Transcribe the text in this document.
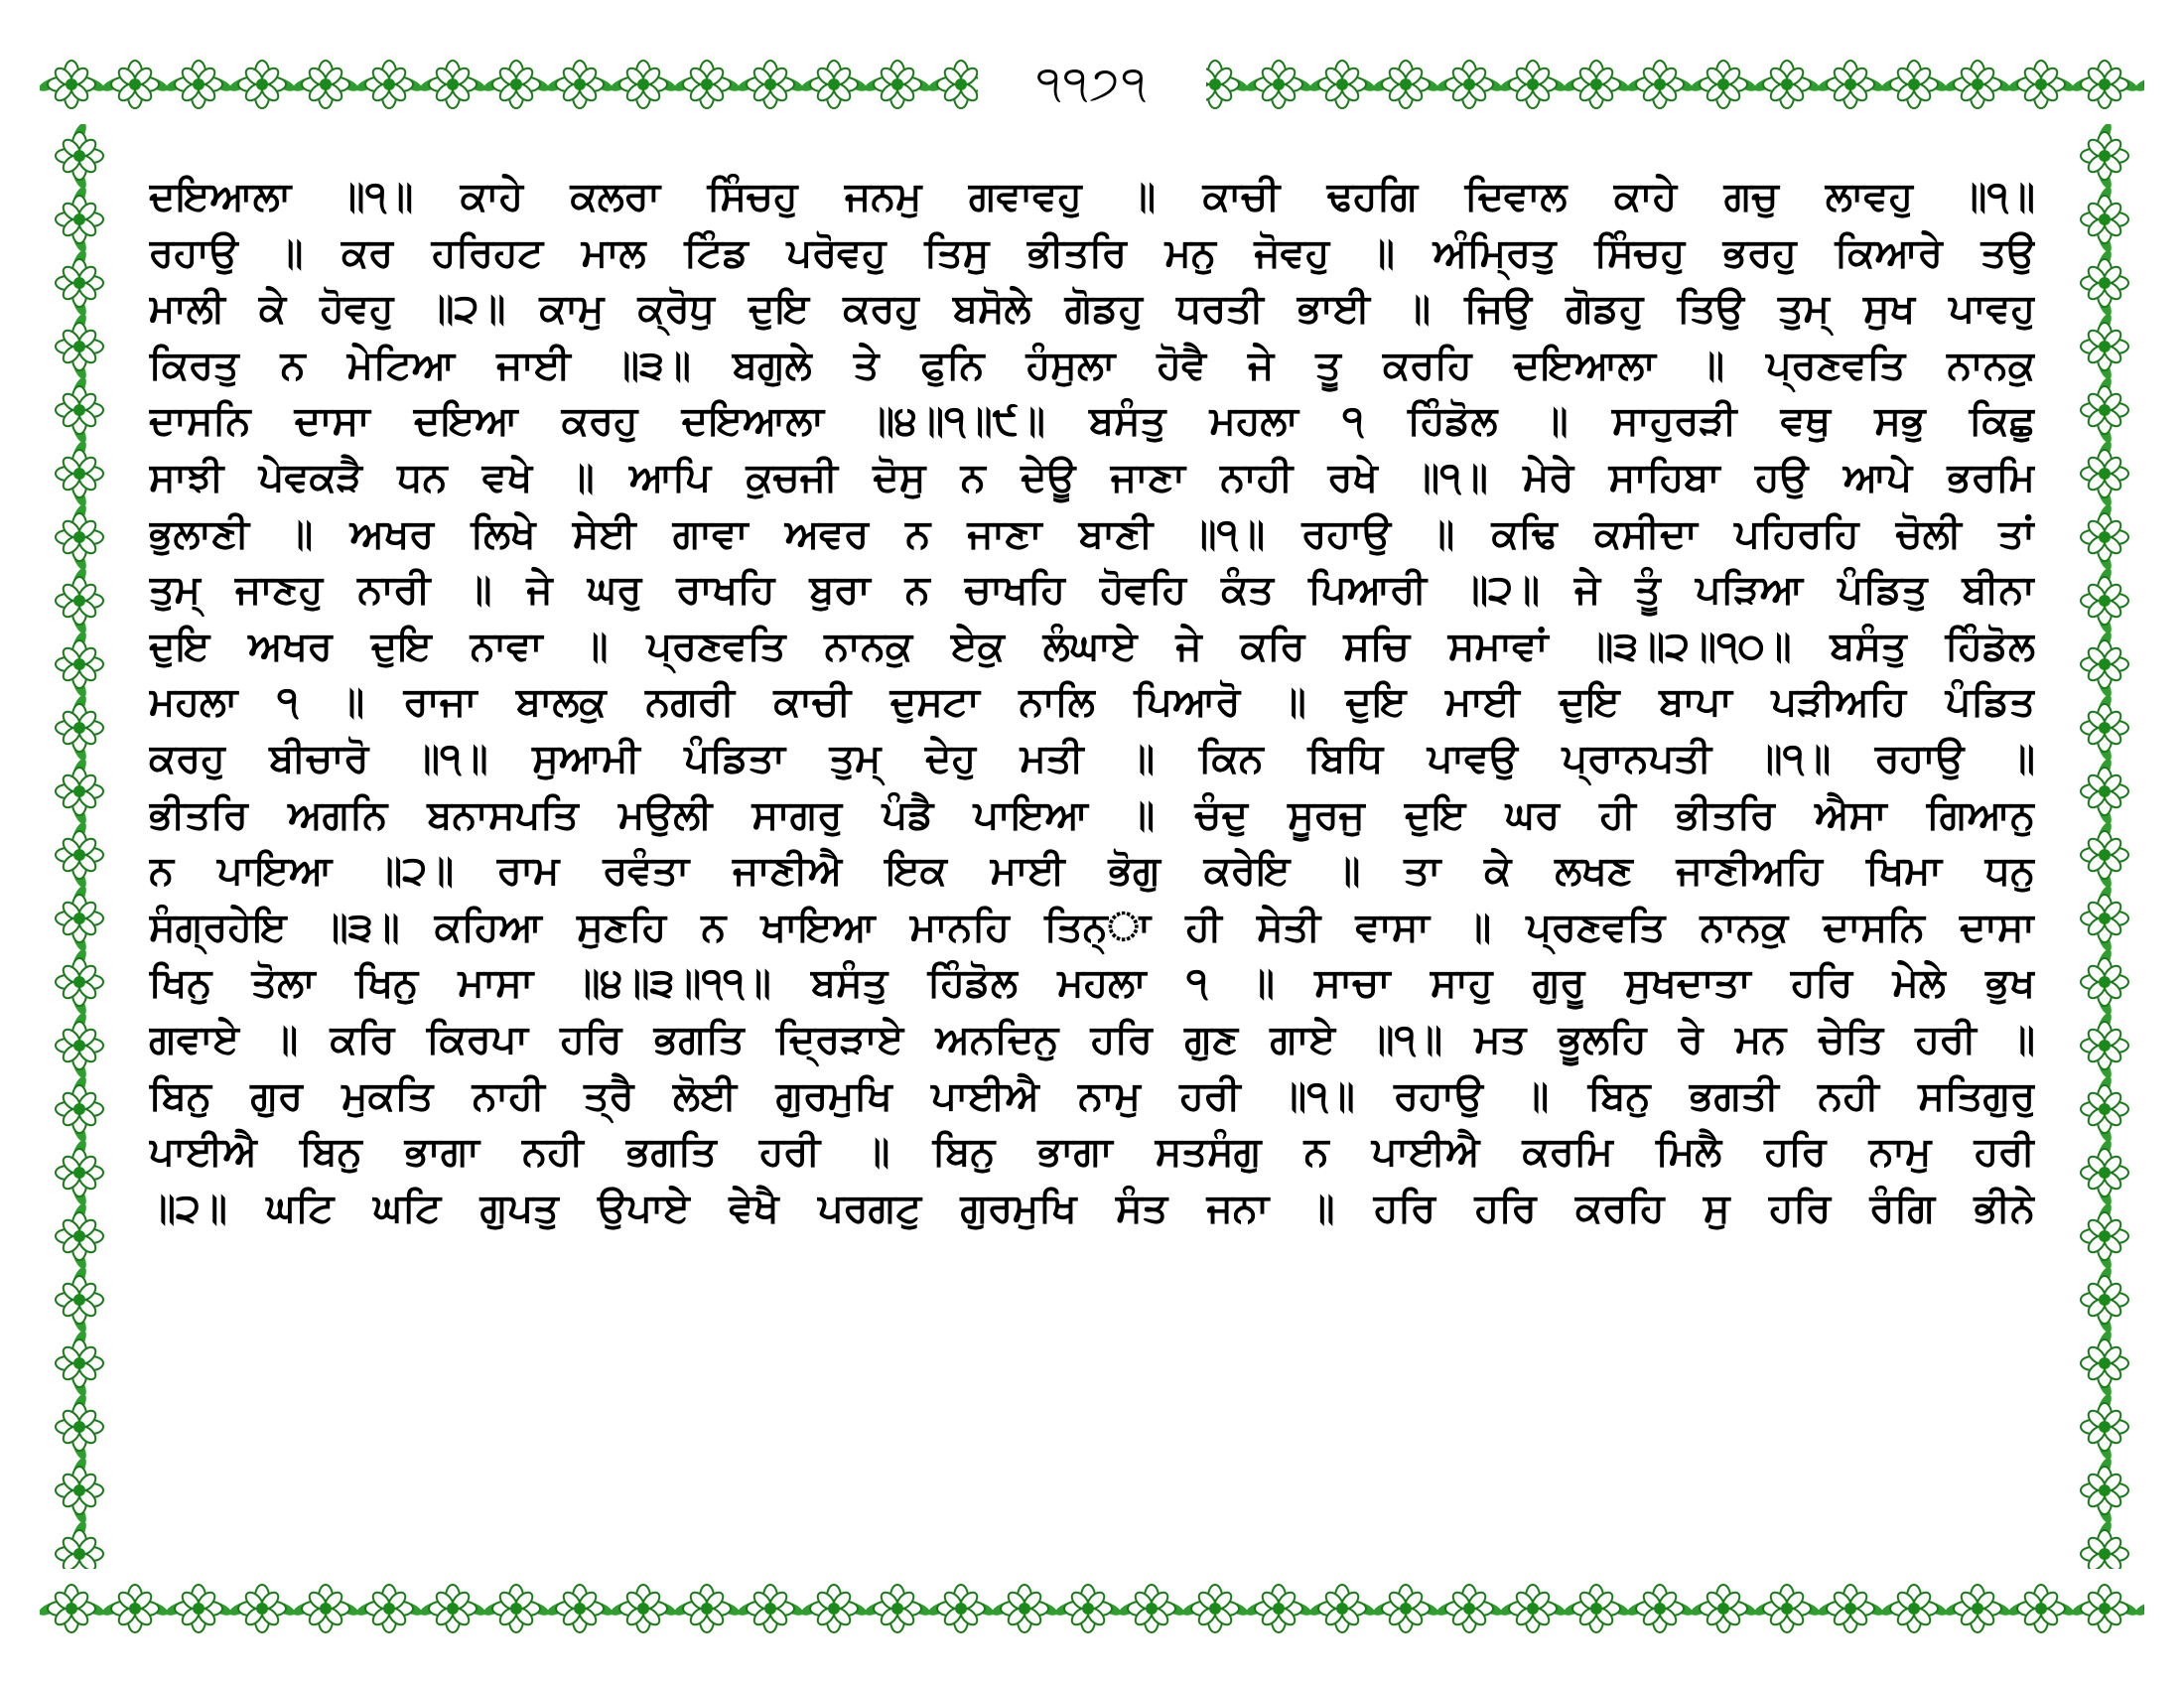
੧੧੭੧
ਦਇਆਲਾ ॥੧॥ ਕਾਹੇ ਕਲਰਾ ਸਿੰਚਹੁ ਜਨਮੁ ਗਵਾਵਹੁ ॥ ਕਾਚੀ ਢਹਗਿ ਦਿਵਾਲ ਕਾਹੇ ਗਚੁ ਲਾਵਹੁ ॥੧॥
ਰਹਾਉ ॥ ਕਰ ਹਰਿਹਟ ਮਾਲ ਟਿੰਡ ਪਰੋਵਹੁ ਤਿਸੁ ਭੀਤਰਿ ਮਨੁ ਜੋਵਹੁ ॥ ਅੰਮ੍ਰਿਤੁ ਸਿੰਚਹੁ ਭਰਹੁ ਕਿਆਰੇ ਤਉ
ਮਾਲੀ ਕੇ ਹੋਵਹੁ ॥੨॥ ਕਾਮੁ ਕ੍ਰੋਧੁ ਦੁਇ ਕਰਹੁ ਬਸੋਲੇ ਗੋਡਹੁ ਧਰਤੀ ਭਾਈ ॥ ਜਿਉ ਗੋਡਹੁ ਤਿਉ ਤੁਮ੍ ਸੁਖ ਪਾਵਹੁ
ਕਿਰਤੁ ਨ ਮੇਟਿਆ ਜਾਈ ॥੩॥ ਬਗੁਲੇ ਤੇ ਫੁਨਿ ਹੰਸੁਲਾ ਹੋਵੈ ਜੇ ਤੂ ਕਰਹਿ ਦਇਆਲਾ ॥ ਪ੍ਰਣਵਤਿ ਨਾਨਕੁ
ਦਾਸਨਿ ਦਾਸਾ ਦਇਆ ਕਰਹੁ ਦਇਆਲਾ ॥੪॥੧॥੯॥ ਬਸੰਤੁ ਮਹਲਾ ੧ ਹਿੰਡੋਲ ॥ ਸਾਹੁਰੜੀ ਵਥੁ ਸਭੁ ਕਿਛੁ
ਸਾਝੀ ਪੇਵਕੜੈ ਧਨ ਵਖੇ ॥ ਆਪਿ ਕੁਚਜੀ ਦੋਸੁ ਨ ਦੇਊ ਜਾਣਾ ਨਾਹੀ ਰਖੇ ॥੧॥ ਮੇਰੇ ਸਾਹਿਬਾ ਹਉ ਆਪੇ ਭਰਮਿ
ਭੁਲਾਣੀ ॥ ਅਖਰ ਲਿਖੇ ਸੇਈ ਗਾਵਾ ਅਵਰ ਨ ਜਾਣਾ ਬਾਣੀ ॥੧॥ ਰਹਾਉ ॥ ਕਢਿ ਕਸੀਦਾ ਪਹਿਰਹਿ ਚੋਲੀ ਤਾਂ
ਤੁਮ੍ ਜਾਣਹੁ ਨਾਰੀ ॥ ਜੇ ਘਰੁ ਰਾਖਹਿ ਬੁਰਾ ਨ ਚਾਖਹਿ ਹੋਵਹਿ ਕੰਤ ਪਿਆਰੀ ॥੨॥ ਜੇ ਤੂੰ ਪੜਿਆ ਪੰਡਿਤੁ ਬੀਨਾ
ਦੁਇ ਅਖਰ ਦੁਇ ਨਾਵਾ ॥ ਪ੍ਰਣਵਤਿ ਨਾਨਕੁ ਏਕੁ ਲੰਘਾਏ ਜੇ ਕਰਿ ਸਚਿ ਸਮਾਵਾਂ ॥੩॥੨॥੧੦॥ ਬਸੰਤੁ ਹਿੰਡੋਲ
ਮਹਲਾ ੧ ॥ ਰਾਜਾ ਬਾਲਕੁ ਨਗਰੀ ਕਾਚੀ ਦੁਸਟਾ ਨਾਲਿ ਪਿਆਰੋ ॥ ਦੁਇ ਮਾਈ ਦੁਇ ਬਾਪਾ ਪੜੀਅਹਿ ਪੰਡਿਤ
ਕਰਹੁ ਬੀਚਾਰੋ ॥੧॥ ਸੁਆਮੀ ਪੰਡਿਤਾ ਤੁਮ੍ ਦੇਹੁ ਮਤੀ ॥ ਕਿਨ ਬਿਧਿ ਪਾਵਉ ਪ੍ਰਾਨਪਤੀ ॥੧॥ ਰਹਾਉ ॥
ਭੀਤਰਿ ਅਗਨਿ ਬਨਾਸਪਤਿ ਮਉਲੀ ਸਾਗਰੁ ਪੰਡੈ ਪਾਇਆ ॥ ਚੰਦੁ ਸੂਰਜੁ ਦੁਇ ਘਰ ਹੀ ਭੀਤਰਿ ਐਸਾ ਗਿਆਨੁ
ਨ ਪਾਇਆ ॥੨॥ ਰਾਮ ਰਵੰਤਾ ਜਾਣੀਐ ਇਕ ਮਾਈ ਭੋਗੁ ਕਰੇਇ ॥ ਤਾ ਕੇ ਲਖਣ ਜਾਣੀਅਹਿ ਖਿਮਾ ਧਨੁ
ਸੰਗ੍ਰਹੇਇ ॥੩॥ ਕਹਿਆ ਸੁਣਹਿ ਨ ਖਾਇਆ ਮਾਨਹਿ ਤਿਨ੍ਾ ਹੀ ਸੇਤੀ ਵਾਸਾ ॥ ਪ੍ਰਣਵਤਿ ਨਾਨਕੁ ਦਾਸਨਿ ਦਾਸਾ
ਖਿਨੁ ਤੋਲਾ ਖਿਨੁ ਮਾਸਾ ॥੪॥੩॥੧੧॥ ਬਸੰਤੁ ਹਿੰਡੋਲ ਮਹਲਾ ੧ ॥ ਸਾਚਾ ਸਾਹੁ ਗੁਰੂ ਸੁਖਦਾਤਾ ਹਰਿ ਮੇਲੇ ਭੁਖ
ਗਵਾਏ ॥ ਕਰਿ ਕਿਰਪਾ ਹਰਿ ਭਗਤਿ ਦ੍ਰਿੜਾਏ ਅਨਦਿਨੁ ਹਰਿ ਗੁਣ ਗਾਏ ॥੧॥ ਮਤ ਭੂਲਹਿ ਰੇ ਮਨ ਚੇਤਿ ਹਰੀ ॥
ਬਿਨੁ ਗੁਰ ਮੁਕਤਿ ਨਾਹੀ ਤ੍ਰੈ ਲੋਈ ਗੁਰਮੁਖਿ ਪਾਈਐ ਨਾਮੁ ਹਰੀ ॥੧॥ ਰਹਾਉ ॥ ਬਿਨੁ ਭਗਤੀ ਨਹੀ ਸਤਿਗੁਰੁ
ਪਾਈਐ ਬਿਨੁ ਭਾਗਾ ਨਹੀ ਭਗਤਿ ਹਰੀ ॥ ਬਿਨੁ ਭਾਗਾ ਸਤਸੰਗੁ ਨ ਪਾਈਐ ਕਰਮਿ ਮਿਲੈ ਹਰਿ ਨਾਮੁ ਹਰੀ
॥੨॥ ਘਟਿ ਘਟਿ ਗੁਪਤੁ ਉਪਾਏ ਵੇਖੈ ਪਰਗਟੁ ਗੁਰਮੁਖਿ ਸੰਤ ਜਨਾ ॥ ਹਰਿ ਹਰਿ ਕਰਹਿ ਸੁ ਹਰਿ ਰੰਗਿ ਭੀਨੇ
